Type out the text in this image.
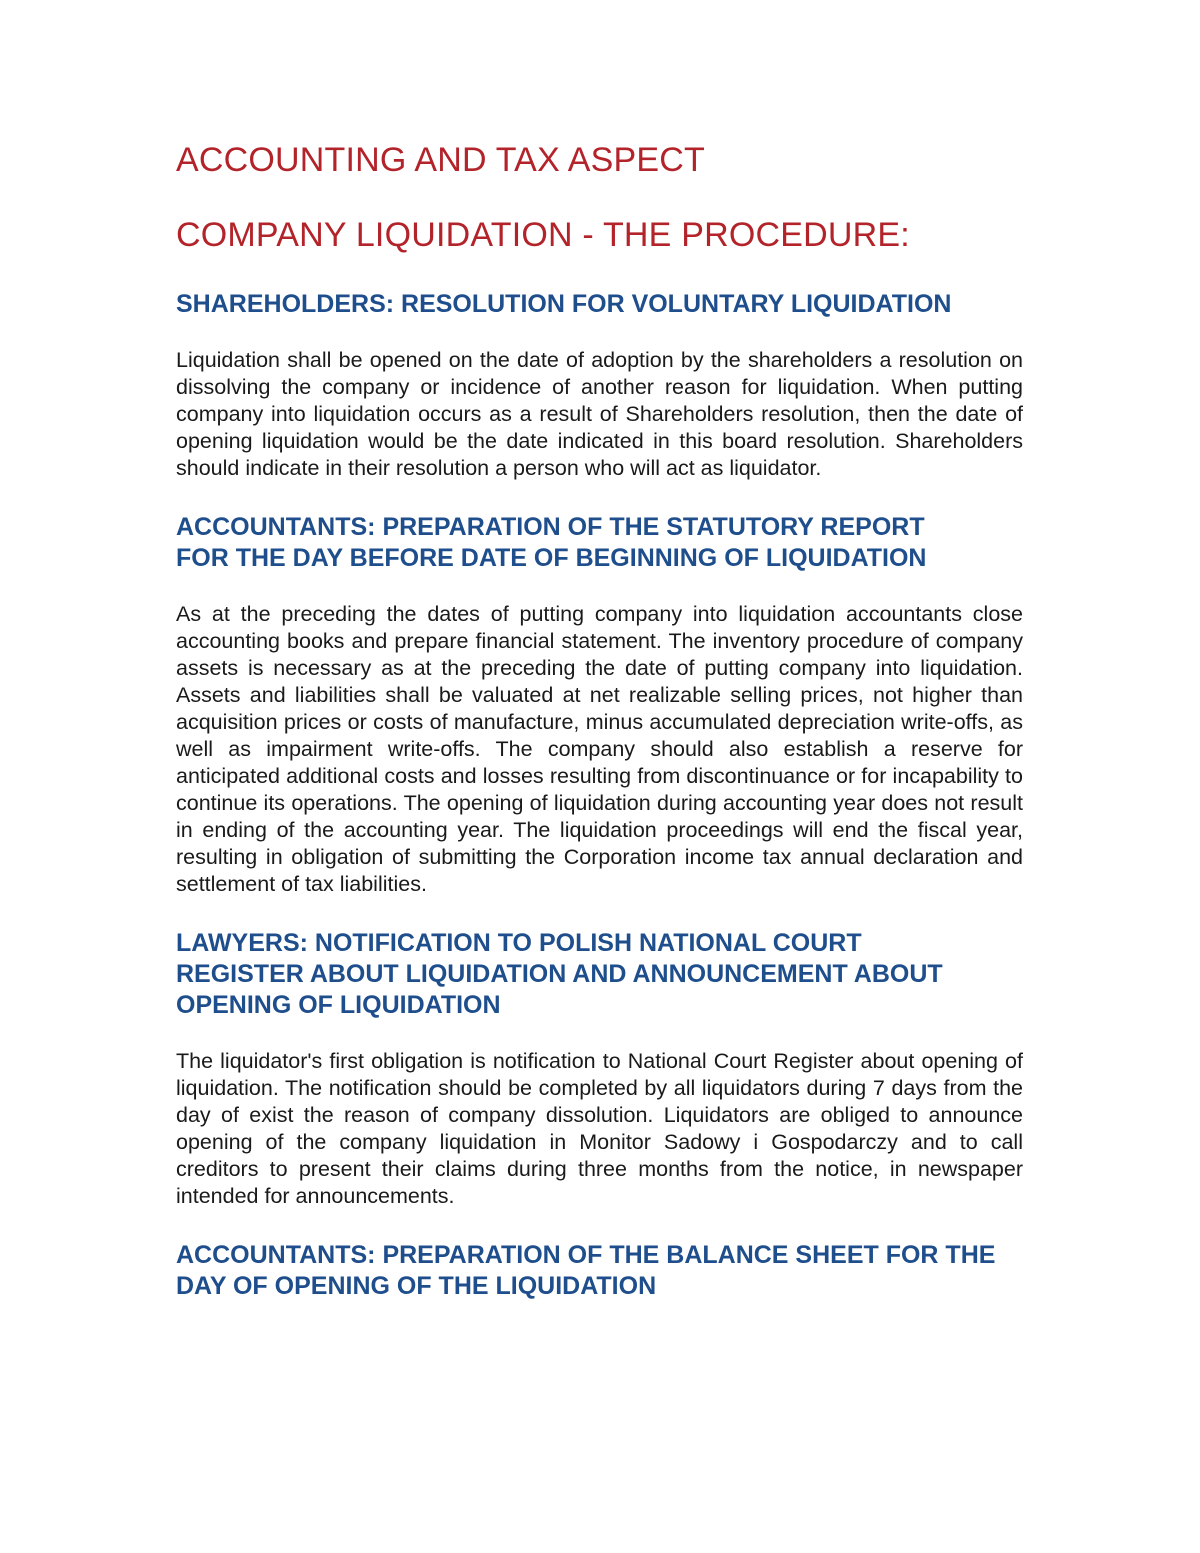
ACCOUNTING AND TAX ASPECT
COMPANY LIQUIDATION - THE PROCEDURE:
SHAREHOLDERS: RESOLUTION FOR VOLUNTARY LIQUIDATION

Liquidation shall be opened on the date of adoption by the shareholders a resolution on dissolving the company or incidence of another reason for liquidation. When putting company into liquidation occurs as a result of Shareholders resolution, then the date of opening liquidation would be the date indicated in this board resolution. Shareholders should indicate in their resolution a person who will act as liquidator.

ACCOUNTANTS: PREPARATION OF THE STATUTORY REPORT FOR THE DAY BEFORE DATE OF BEGINNING OF LIQUIDATION

As at the preceding the dates of putting company into liquidation accountants close accounting books and prepare financial statement. The inventory procedure of company assets is necessary as at the preceding the date of putting company into liquidation. Assets and liabilities shall be valuated at net realizable selling prices, not higher than acquisition prices or costs of manufacture, minus accumulated depreciation write-offs, as well as impairment write-offs. The company should also establish a reserve for anticipated additional costs and losses resulting from discontinuance or for incapability to continue its operations. The opening of liquidation during accounting year does not result in ending of the accounting year. The liquidation proceedings will end the fiscal year, resulting in obligation of submitting the Corporation income tax annual declaration and settlement of tax liabilities.

LAWYERS: NOTIFICATION TO POLISH NATIONAL COURT REGISTER ABOUT LIQUIDATION AND ANNOUNCEMENT ABOUT OPENING OF LIQUIDATION

The liquidator's first obligation is notification to National Court Register about opening of liquidation. The notification should be completed by all liquidators during 7 days from the day of exist the reason of company dissolution. Liquidators are obliged to announce opening of the company liquidation in Monitor Sadowy i Gospodarczy and to call creditors to present their claims during three months from the notice, in newspaper intended for announcements.

ACCOUNTANTS: PREPARATION OF THE BALANCE SHEET FOR THE DAY OF OPENING OF THE LIQUIDATION
